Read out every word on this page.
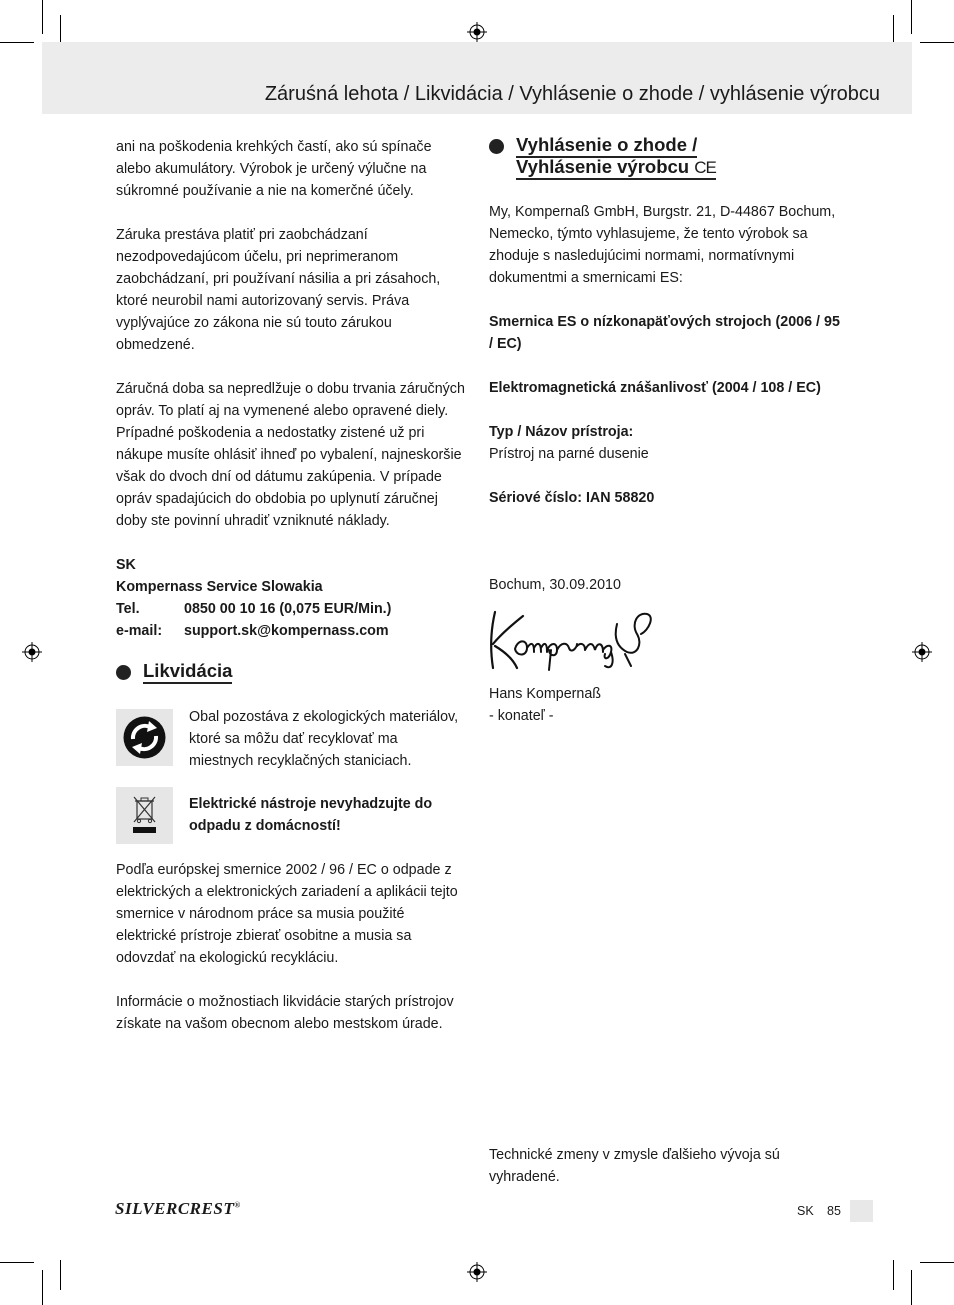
Záruśná lehota / Likvidácia / Vyhlásenie o zhode / vyhlásenie výrobcu

ani na poškodenia krehkých častí, ako sú spínače alebo akumulátory. Výrobok je určený výlučne na súkromné používanie a nie na komerčné účely.

Záruka prestáva platiť pri zaobchádzaní nezodpovedajúcom účelu, pri neprimeranom zaobchádzaní, pri používaní násilia a pri zásahoch, ktoré neurobil nami autorizovaný servis. Práva vyplývajúce zo zákona nie sú touto zárukou obmedzené.

Záručná doba sa nepredlžuje o dobu trvania záručných opráv. To platí aj na vymenené alebo opravené diely. Prípadné poškodenia a nedostatky zistené už pri nákupe musíte ohlásiť ihneď po vybalení, najneskoršie však do dvoch dní od dátumu zakúpenia. V prípade opráv spadajúcich do obdobia po uplynutí záručnej doby ste povinní uhradiť vzniknuté náklady.

SK
Kompernass Service Slowakia
Tel.	0850 00 10 16 (0,075 EUR/Min.)
e-mail: support.sk@kompernass.com
Likvidácia
Obal pozostáva z ekologických materiálov, ktoré sa môžu dať recyklovať ma miestnych recyklačných staniciach.
Elektrické nástroje nevyhadzujte do odpadu z domácností!

Podľa európskej smernice 2002 / 96 / EC o odpade z elektrických a elektronických zariadení a aplikácii tejto smernice v národnom práce sa musia použité elektrické prístroje zbierať osobitne a musia sa odovzdať na ekologickú recykláciu.

Informácie o možnostiach likvidácie starých prístrojov získate na vašom obecnom alebo mestskom úrade.

Vyhlásenie o zhode /
Vyhlásenie výrobcu CE

My, Kompernaß GmbH, Burgstr. 21, D-44867 Bochum, Nemecko, týmto vyhlasujeme, že tento výrobok sa zhoduje s nasledujúcimi normami, normatívnymi dokumentmi a smernicami ES:

Smernica ES o nízkonapäťových strojoch (2006 / 95 / EC)

Elektromagnetická znášanlivosť (2004 / 108 / EC)

Typ / Názov prístroja:

Prístroj na parné dusenie

Sériové číslo: IAN 58820

Bochum, 30.09.2010

Hans Kompernaß

- konateľ -

Technické zmeny v zmysle ďalšieho vývoja sú vyhradené.
SILVERCREST®	SK 85
